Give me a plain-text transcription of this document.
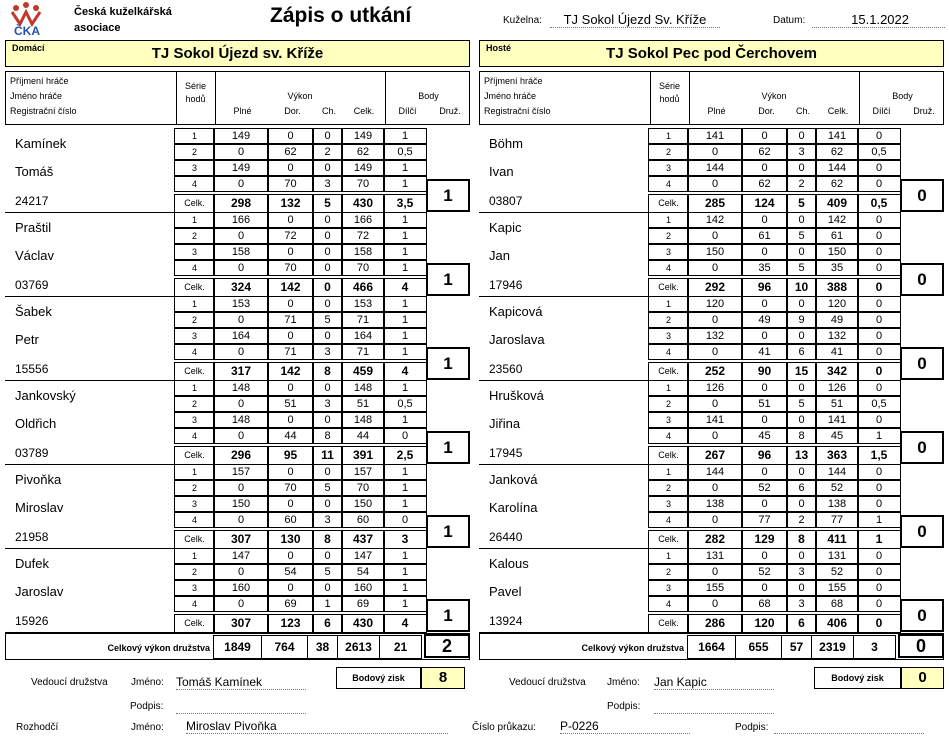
ČKA
Česká kuželkářská
asociace
Zápis o utkání	Kuželna:	TJ Sokol Újezd Sv. Kříže	Datum:	15.1.2022
Domácí	TJ Sokol Újezd sv. Kříže
Příjmení hráče
Jméno hráče
Registrační číslo
Série
hodů	Výkon	Body
Plné	Dor.	Ch.	Celk.	Dílčí	Druž.
Kamínek
Tomáš
24217
1	149	0	0	149	1
2	0	62	2	62	0,5
3	149	0	0	149	1
4	0	70	3	70	1
Celk.	298	132	5	430	3,5	1
Praštil
Václav
03769
1	166	0	0	166	1
2	0	72	0	72	1
3	158	0	0	158	1
4	0	70	0	70	1
Celk.	324	142	0	466	4	1
Šabek
Petr
15556
1	153	0	0	153	1
2	0	71	5	71	1
3	164	0	0	164	1
4	0	71	3	71	1
Celk.	317	142	8	459	4	1
Jankovský
Oldřich
03789
1	148	0	0	148	1
2	0	51	3	51	0,5
3	148	0	0	148	1
4	0	44	8	44	0
Celk.	296	95	11	391	2,5	1
Pivoňka
Miroslav
21958
1	157	0	0	157	1
2	0	70	5	70	1
3	150	0	0	150	1
4	0	60	3	60	0
Celk.	307	130	8	437	3	1
Dufek
Jaroslav
15926
1	147	0	0	147	1
2	0	54	5	54	1
3	160	0	0	160	1
4	0	69	1	69	1
Celk.	307	123	6	430	4	1
Celkový výkon družstva	1849	764	38	2613	21	2
Hosté	TJ Sokol Pec pod Čerchovem
Příjmení hráče
Jméno hráče
Registrační číslo
Série
hodů	Výkon	Body
Plné	Dor.	Ch.	Celk.	Dílčí	Druž.
Böhm
Ivan
03807
1	141	0	0	141	0
2	0	62	3	62	0,5
3	144	0	0	144	0
4	0	62	2	62	0
Celk.	285	124	5	409	0,5	0
Kapic
Jan
17946
1	142	0	0	142	0
2	0	61	5	61	0
3	150	0	0	150	0
4	0	35	5	35	0
Celk.	292	96	10	388	0	0
Kapicová
Jaroslava
23560
1	120	0	0	120	0
2	0	49	9	49	0
3	132	0	0	132	0
4	0	41	6	41	0
Celk.	252	90	15	342	0	0
Hrušková
Jiřina
17945
1	126	0	0	126	0
2	0	51	5	51	0,5
3	141	0	0	141	0
4	0	45	8	45	1
Celk.	267	96	13	363	1,5	0
Janková
Karolína
26440
1	144	0	0	144	0
2	0	52	6	52	0
3	138	0	0	138	0
4	0	77	2	77	1
Celk.	282	129	8	411	1	0
Kalous
Pavel
13924
1	131	0	0	131	0
2	0	52	3	52	0
3	155	0	0	155	0
4	0	68	3	68	0
Celk.	286	120	6	406	0	0
Celkový výkon družstva	1664	655	57	2319	3	0
Vedoucí družstva Jméno: Tomáš Kamínek
Podpis:
Bodový zisk	8	Vedoucí družstva Jméno: Jan Kapic
Podpis:
Bodový zisk	0
Rozhodčí	Jméno: Miroslav Pivoňka	Číslo průkazu: P-0226	Podpis:
